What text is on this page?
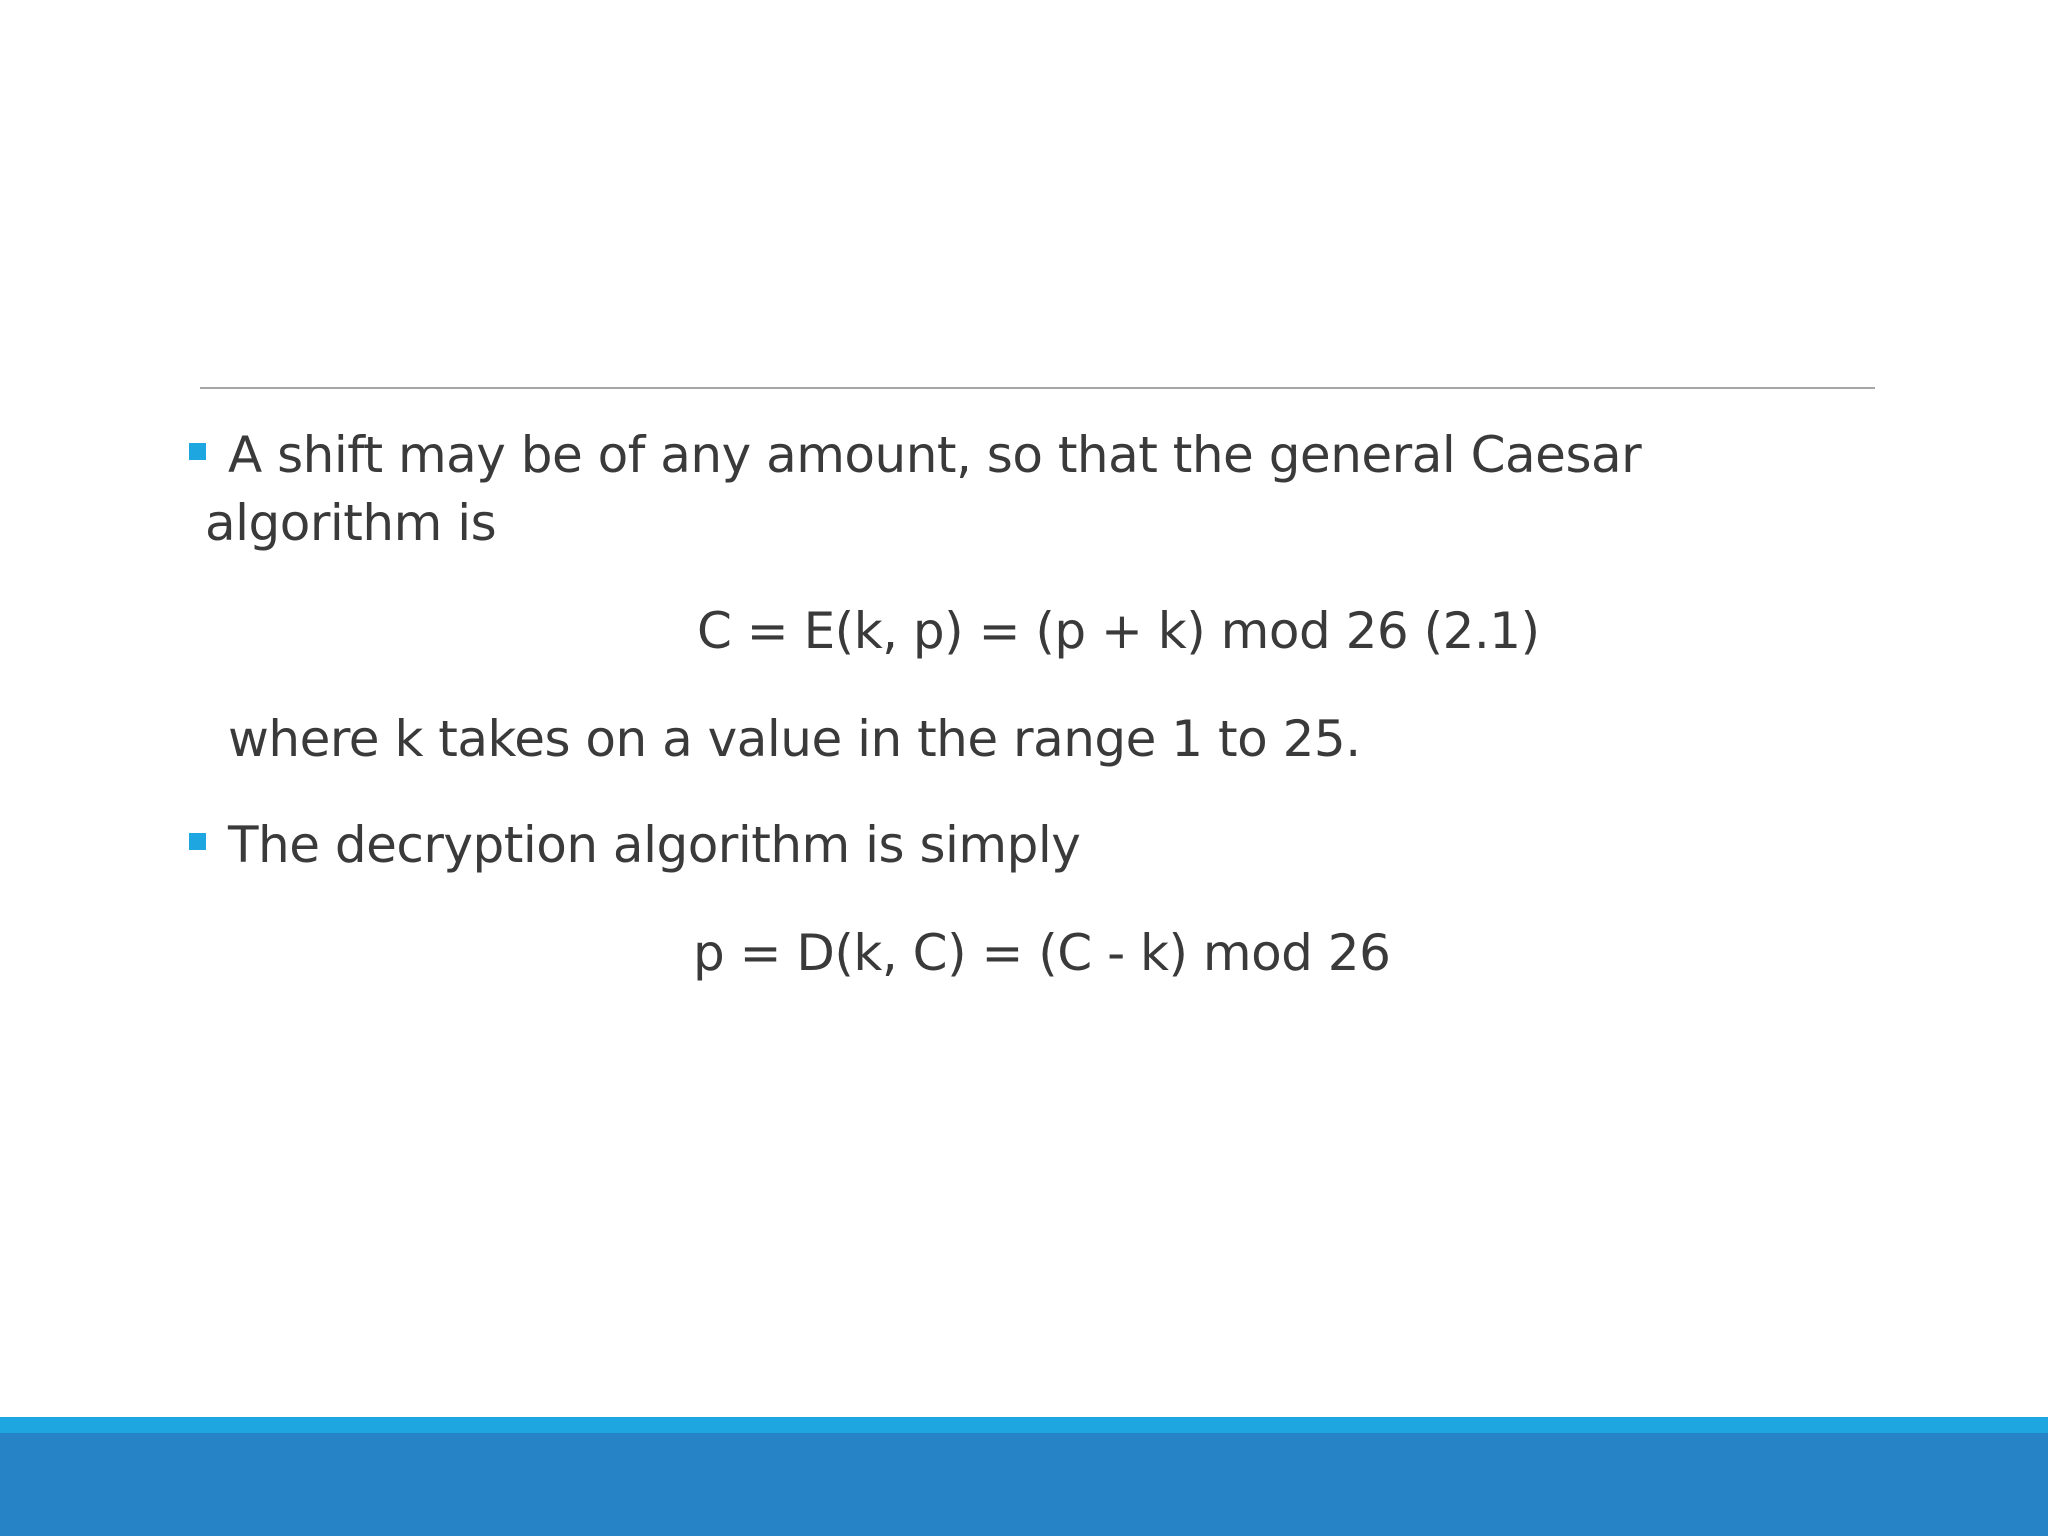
A shift may be of any amount, so that the general Caesar

algorithm is

C = E(k, p) = (p + k) mod 26 (2.1)

where k takes on a value in the range 1 to 25.

The decryption algorithm is simply

p = D(k, C) = (C - k) mod 26
